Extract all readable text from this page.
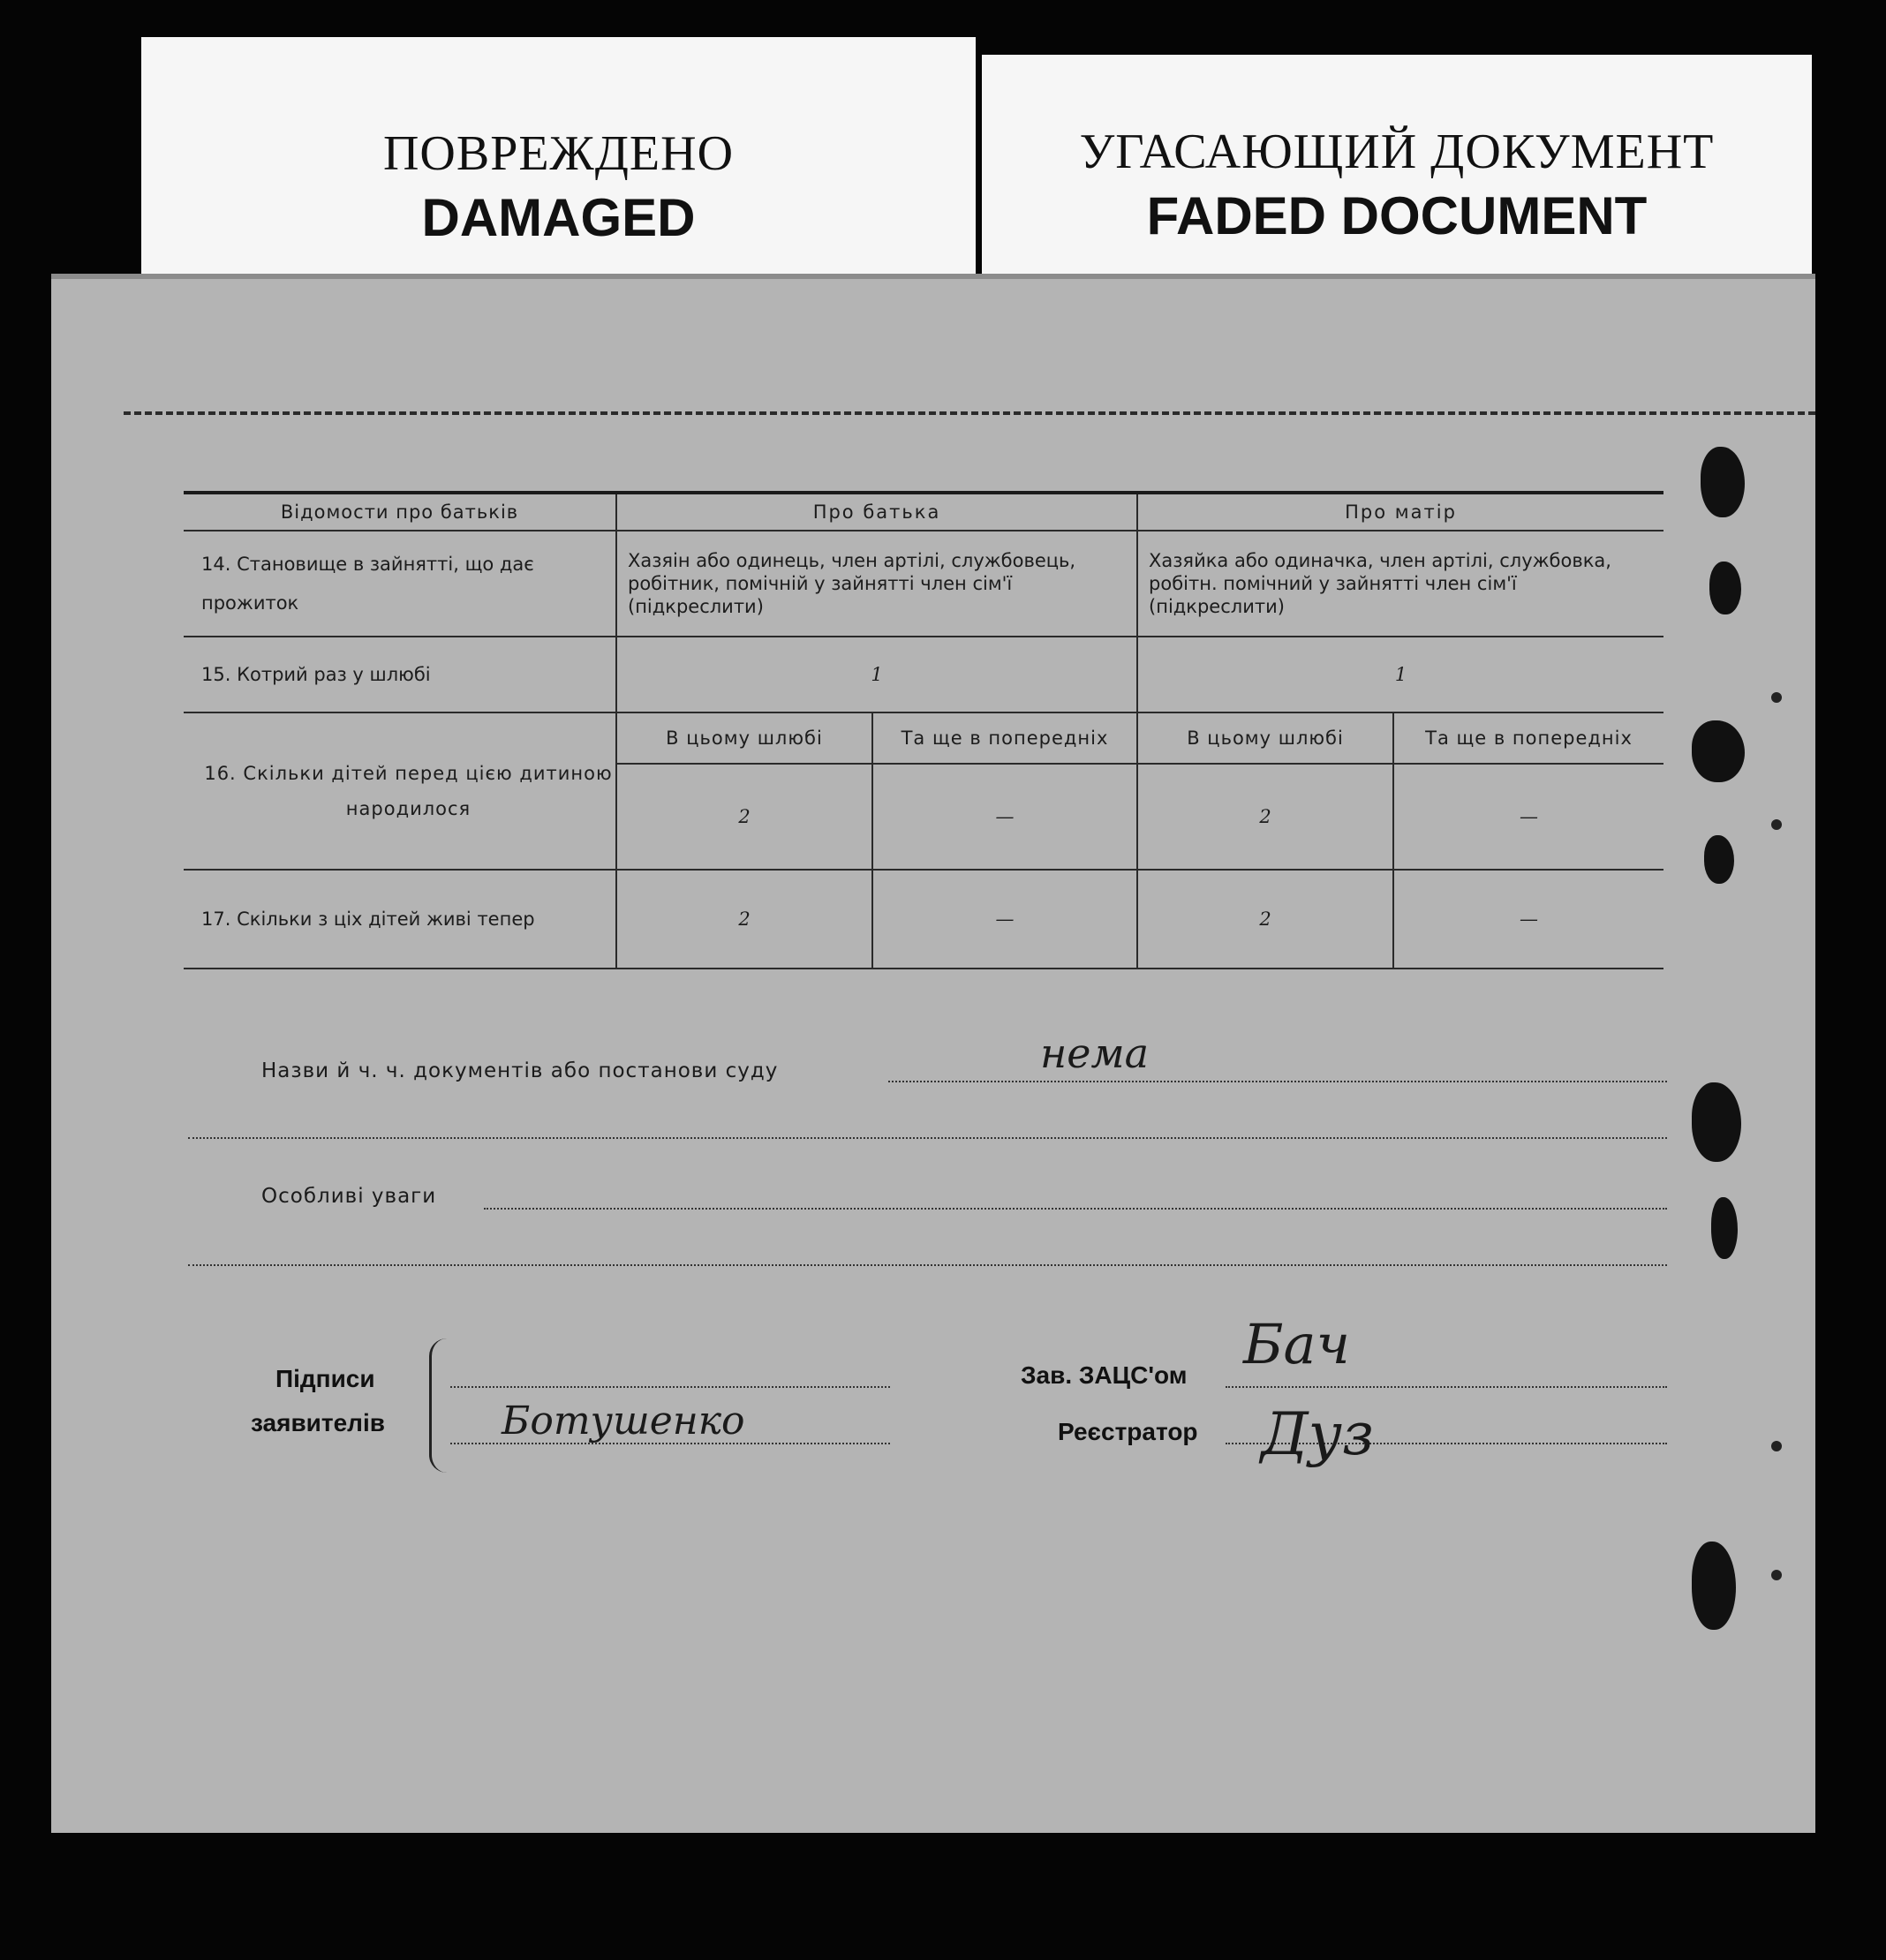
ПОВРЕЖДЕНО
DAMAGED
УГАСАЮЩИЙ ДОКУМЕНТ
FADED DOCUMENT
Відомости про батьків	Про батька		Про матір	
14. Становище в зайнятті, що дає прожиток	Хазяін або одинець, член артілі, службовець, робітник, помічній у зайнятті член сім'ї (підкреслити)		Хазяйка або одиначка, член артілі, службовка, робітн. помічний у зайнятті член сім'ї (підкреслити)	
15. Котрий раз у шлюбі	1		1	
16. Скільки дітей перед цією дитиною народилося	В цьому шлюбі	Та ще в попередніх	В цьому шлюбі	Та ще в попередніх
	2	—	2	—
17. Скільки з ціх дітей живі тепер	2	—	2	—
Назви й ч. ч. документів або постанови суду	нема
Особливі уваги
Підписи
заявителів	Ботушенко
Зав. ЗАЦС'ом Бач
Реєстратор Дуз
